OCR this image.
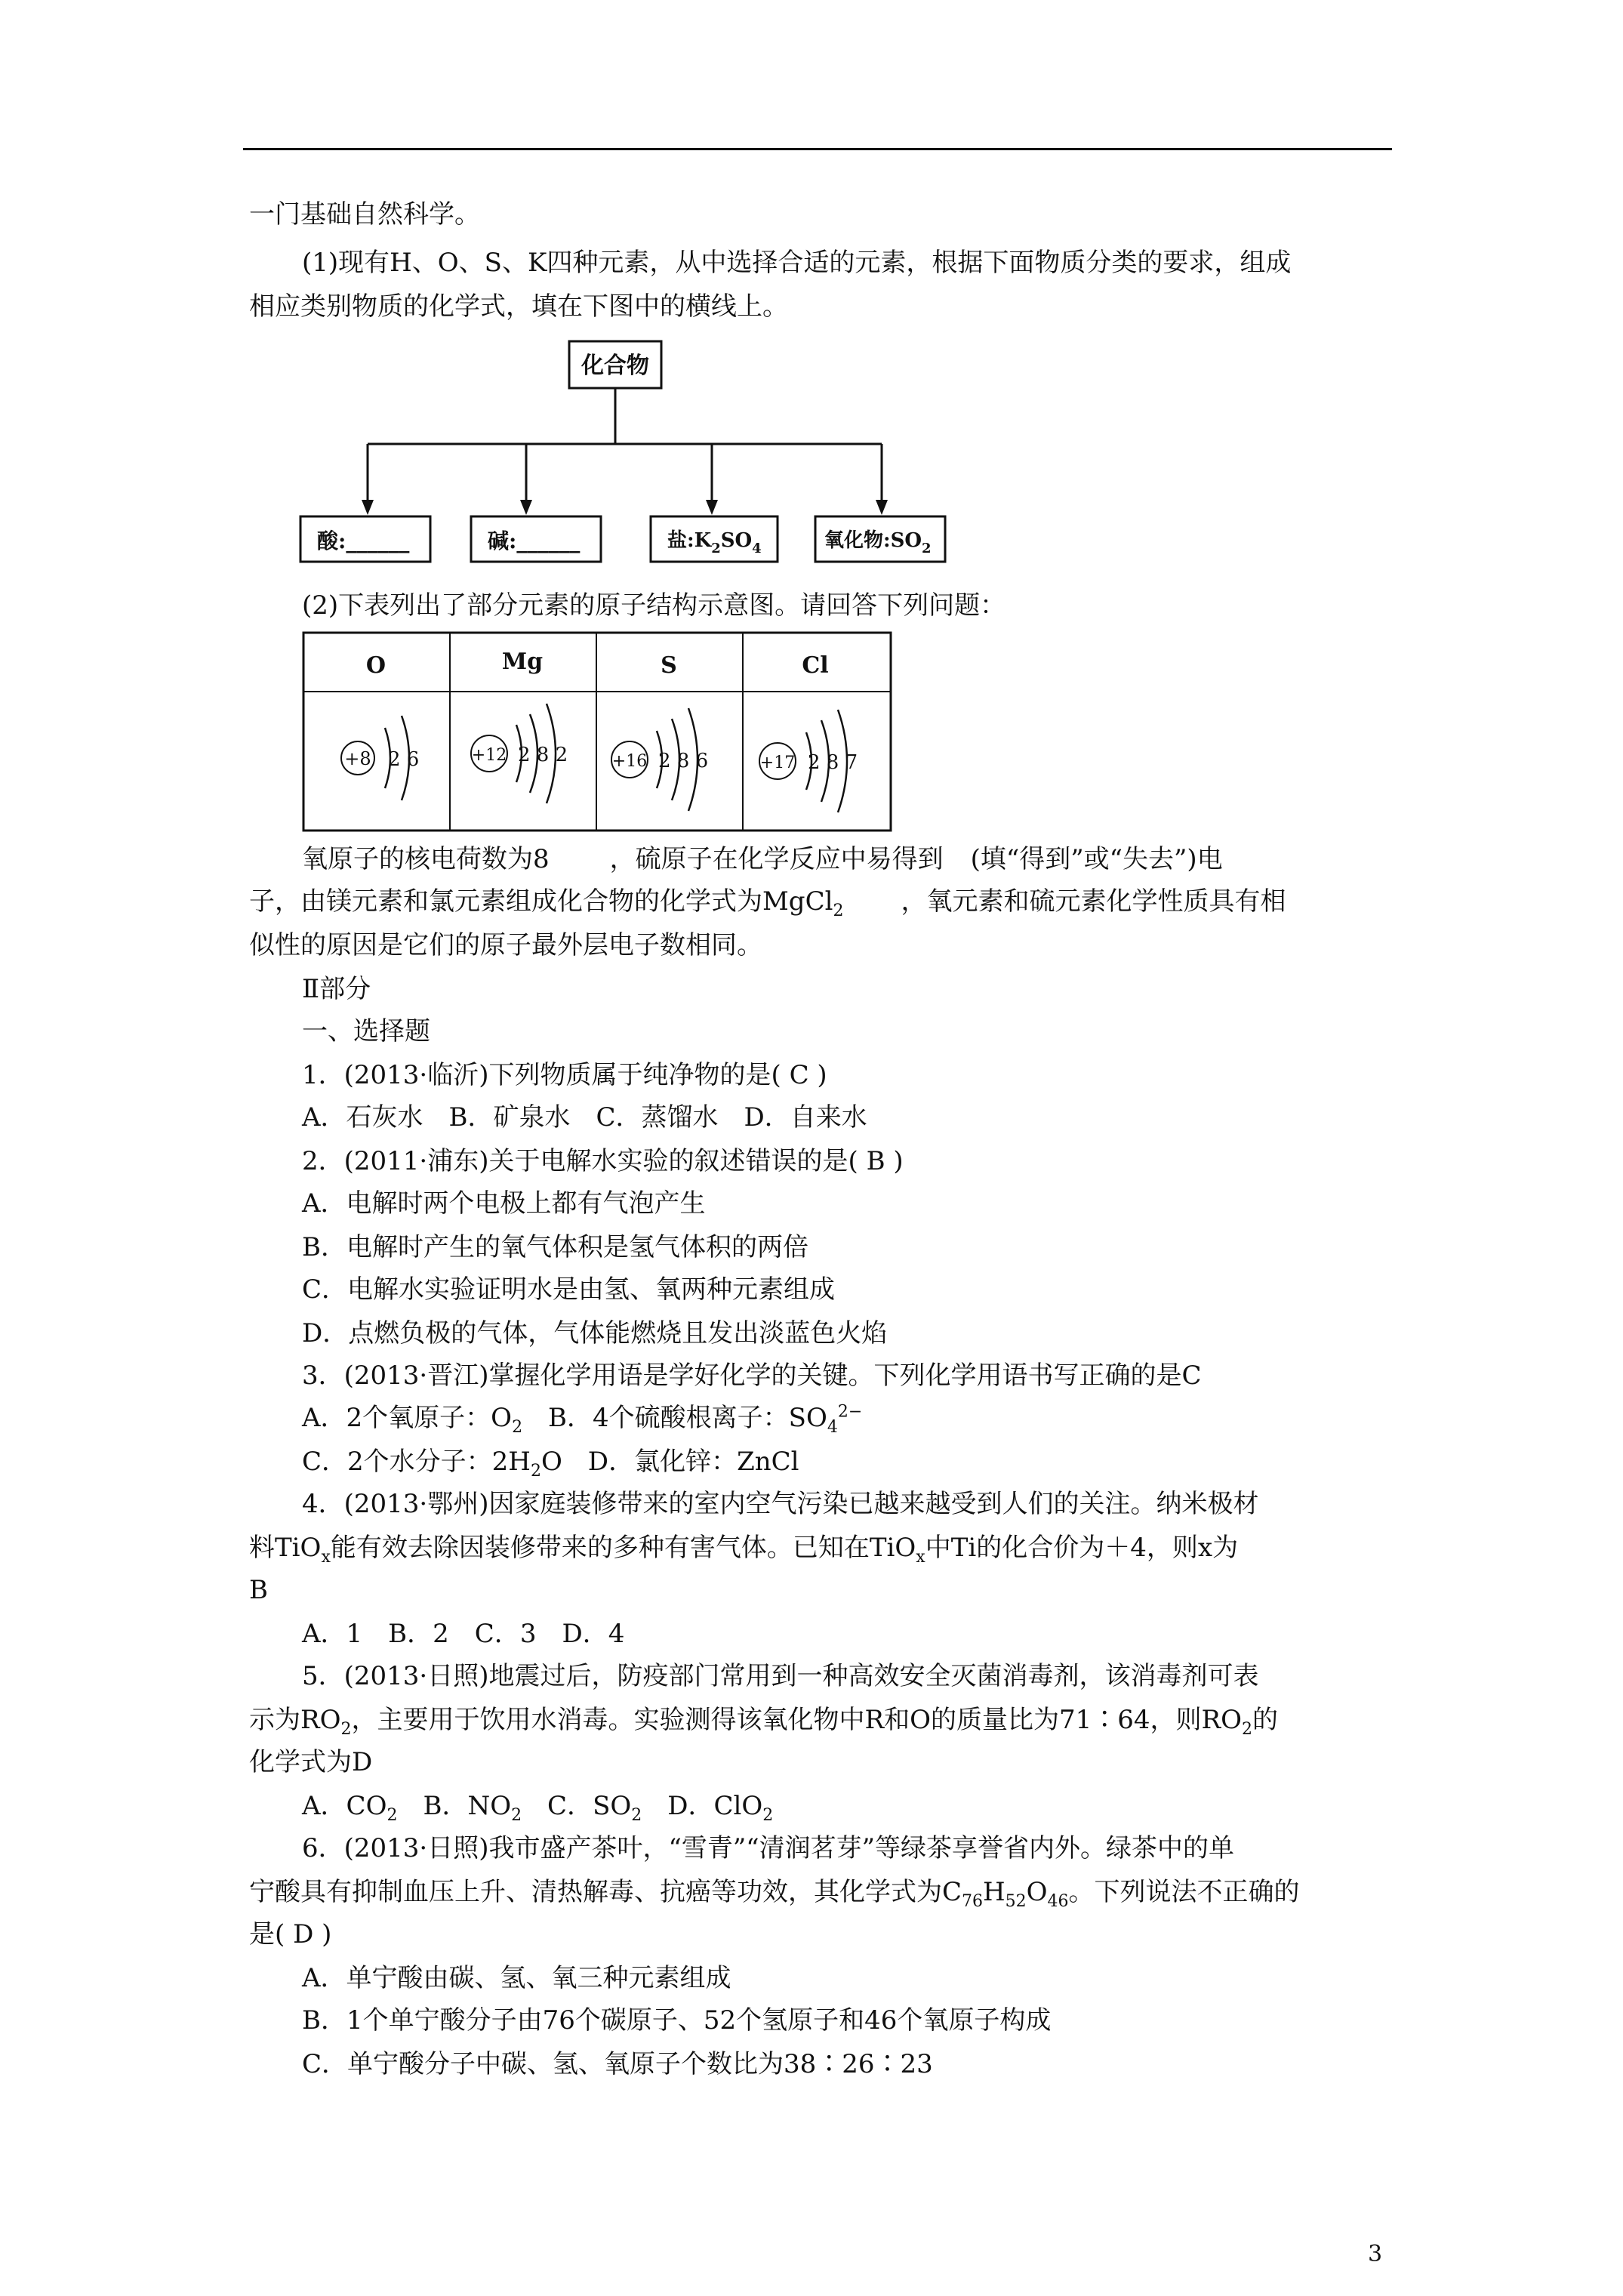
一门基础自然科学。
(1)现有H、O、S、K四种元素，从中选择合适的元素，根据下面物质分类的要求，组成
相应类别物质的化学式，填在下图中的横线上。
化合物
酸:______	碱:______	盐$:K_2SO_4$	氧化物$:SO_2$
(2)下表列出了部分元素的原子结构示意图。请回答下列问题：
O	Mg	S	Cl
+8 2 6	+12 2 8 2	+16 2 8 6	+17 2 8 7
氧原子的核电荷数为8 ，硫原子在化学反应中易得到 (填“得到”或“失去”)电
子，由镁元素和氯元素组成化合物的化学式为MgCl$_2$ ，氧元素和硫元素化学性质具有相
似性的原因是它们的原子最外层电子数相同。
Ⅱ部分
一、选择题
1．(2013·临沂)下列物质属于纯净物的是( C )
A．石灰水　B．矿泉水　C．蒸馏水　D．自来水
2．(2011·浦东)关于电解水实验的叙述错误的是( B )
A．电解时两个电极上都有气泡产生
B．电解时产生的氧气体积是氢气体积的两倍
C．电解水实验证明水是由氢、氧两种元素组成
D．点燃负极的气体，气体能燃烧且发出淡蓝色火焰
3．(2013·晋江)掌握化学用语是学好化学的关键。下列化学用语书写正确的是C
A．2个氧原子：$O_2$　B．4个硫酸根离子：$SO_4^{2-}$
C．2个水分子：$2H_2O$　D．氯化锌：ZnCl
4．(2013·鄂州)因家庭装修带来的室内空气污染已越来越受到人们的关注。纳米极材
料TiO$_x$能有效去除因装修带来的多种有害气体。已知在TiO$_x$中Ti的化合价为＋4，则x为
B
A．1　B．2　C．3　D．4
5．(2013·日照)地震过后，防疫部门常用到一种高效安全灭菌消毒剂，该消毒剂可表
示为$RO_2$，主要用于饮用水消毒。实验测得该氧化物中R和O的质量比为71∶64，则$RO_2$的
化学式为D
A．$CO_2$　B．$NO_2$　C．$SO_2$　D．ClO$_2$
6．(2013·日照)我市盛产茶叶，“雪青”“清润茗芽”等绿茶享誉省内外。绿茶中的单
宁酸具有抑制血压上升、清热解毒、抗癌等功效，其化学式为$C_{76}H_{52}O_{46}$。下列说法不正确的
是( D )
A．单宁酸由碳、氢、氧三种元素组成
B．1个单宁酸分子由76个碳原子、52个氢原子和46个氧原子构成
C．单宁酸分子中碳、氢、氧原子个数比为38∶26∶23
3
